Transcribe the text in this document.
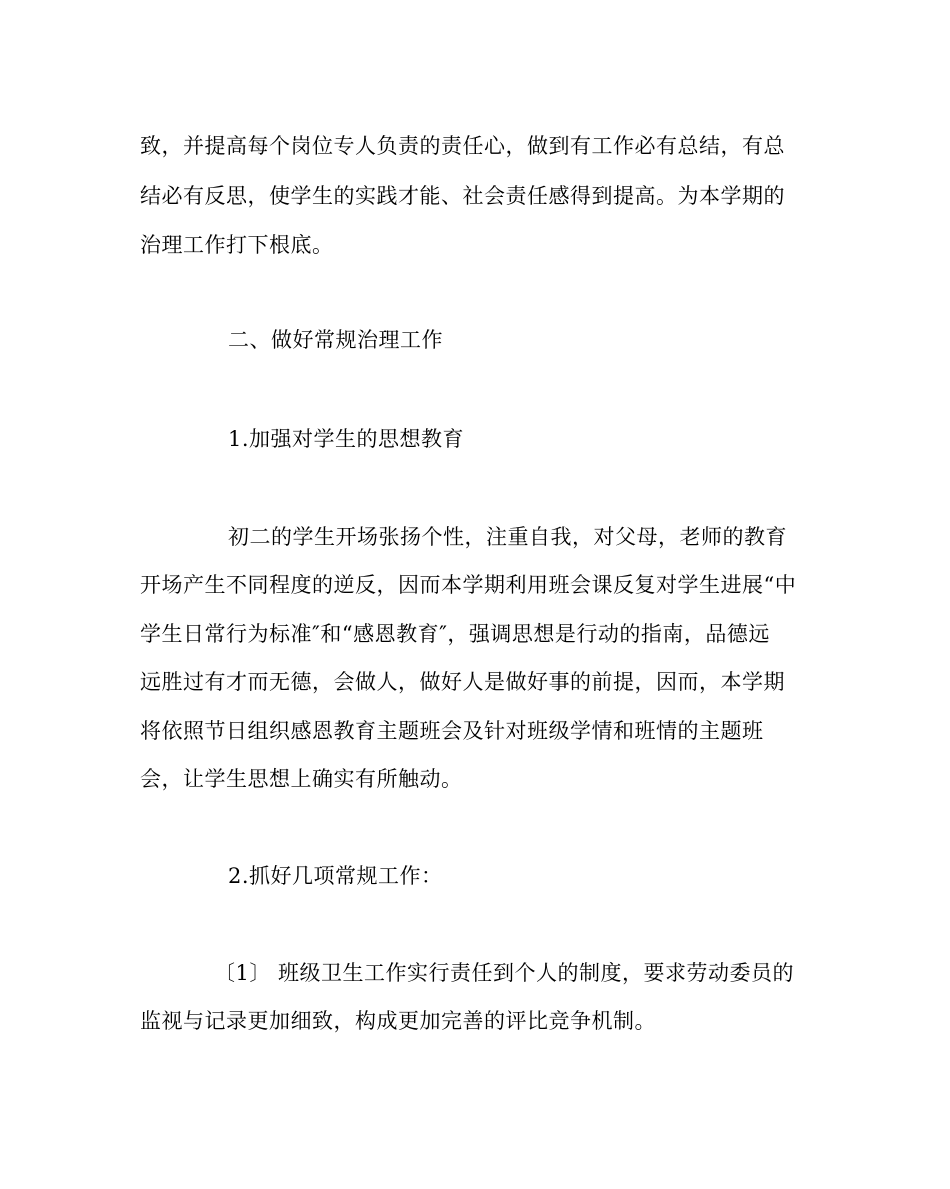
致，并提高每个岗位专人负责的责任心，做到有工作必有总结，有总
结必有反思，使学生的实践才能、社会责任感得到提高。为本学期的
治理工作打下根底。
二、做好常规治理工作
1.加强对学生的思想教育
初二的学生开场张扬个性，注重自我，对父母，老师的教育
开场产生不同程度的逆反，因而本学期利用班会课反复对学生进展“中
学生日常行为标准″和“感恩教育″，强调思想是行动的指南，品德远
远胜过有才而无德，会做人，做好人是做好事的前提，因而，本学期
将依照节日组织感恩教育主题班会及针对班级学情和班情的主题班
会，让学生思想上确实有所触动。
2.抓好几项常规工作：
〔1〕 班级卫生工作实行责任到个人的制度，要求劳动委员的
监视与记录更加细致，构成更加完善的评比竞争机制。
